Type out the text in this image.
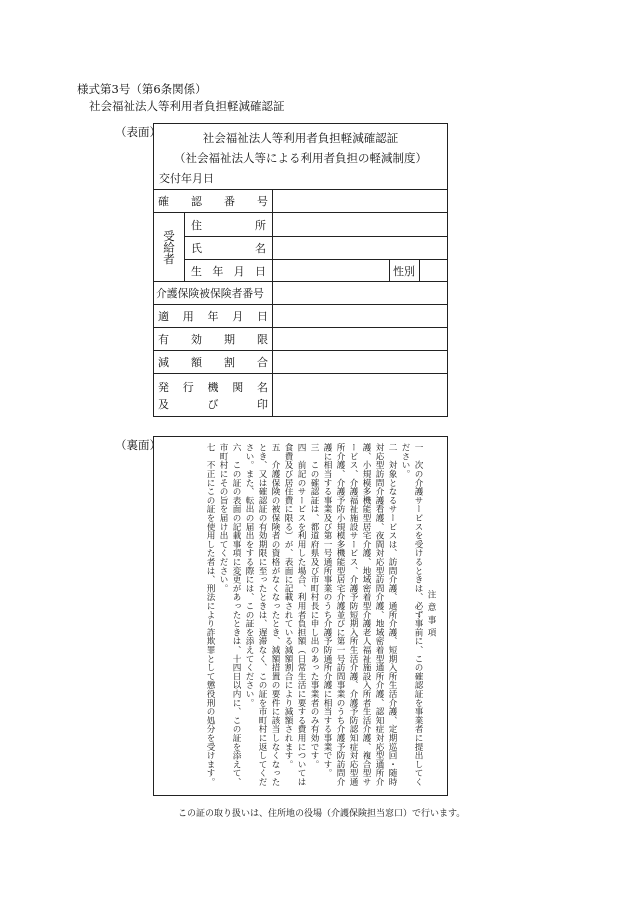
様式第3号（第6条関係）
社会福祉法人等利用者負担軽減確認証
（表面）	社会福祉法人等利用者負担軽減確認証
（社会福祉法人等による利用者負担の軽減制度）
交付年月日
確 認 番 号
受給者
住	所
氏	名
生 年 月 日	性別
介護保険被保険者番号
適 用 年 月 日
有 効 期 限
減 額 割 合
発 行 機 関 名
及	び	印
（裏面）
注意事項
一　次の介護サービスを受けるときは、必ず事前に、この確認証を事業者に提出してください。
二　対象となるサービスは、訪問介護、通所介護、短期入所生活介護、定期巡回・随時対応型訪問介護看護、夜間対応型訪問介護、地域密着型通所介護、認知症対応型通所介護、小規模多機能型居宅介護、地域密着型介護老人福祉施設入所者生活介護、複合型サービス、介護福祉施設サービス、介護予防短期入所生活介護、介護予防認知症対応型通所介護、介護予防小規模多機能型居宅介護並びに第一号訪問事業のうち介護予防訪問介護に相当する事業及び第一号通所事業のうち介護予防通所介護に相当する事業です。
三　この確認証は、都道府県及び市町村長に申し出のあった事業者のみ有効です。
四　前記のサービスを利用した場合、利用者負担額（日常生活に要する費用については食費及び居住費に限る）が、表面に記載されている減額割合により減額されます。
五　介護保険の被保険者の資格がなくなったとき、減額措置の要件に該当しなくなったとき、又は確認証の有効期限に至ったときは、遅滞なく、この証を市町村に返してください。また、転出の届出をする際には、この証を添えてください。
六　この証の表面の記載事項に変更があったときは、十四日以内に、この証を添えて、市町村にその旨を届け出てください。
七　不正にこの証を使用した者は、刑法により詐欺罪として懲役刑の処分を受けます。
この証の取り扱いは、住所地の役場（介護保険担当窓口）で行います。
